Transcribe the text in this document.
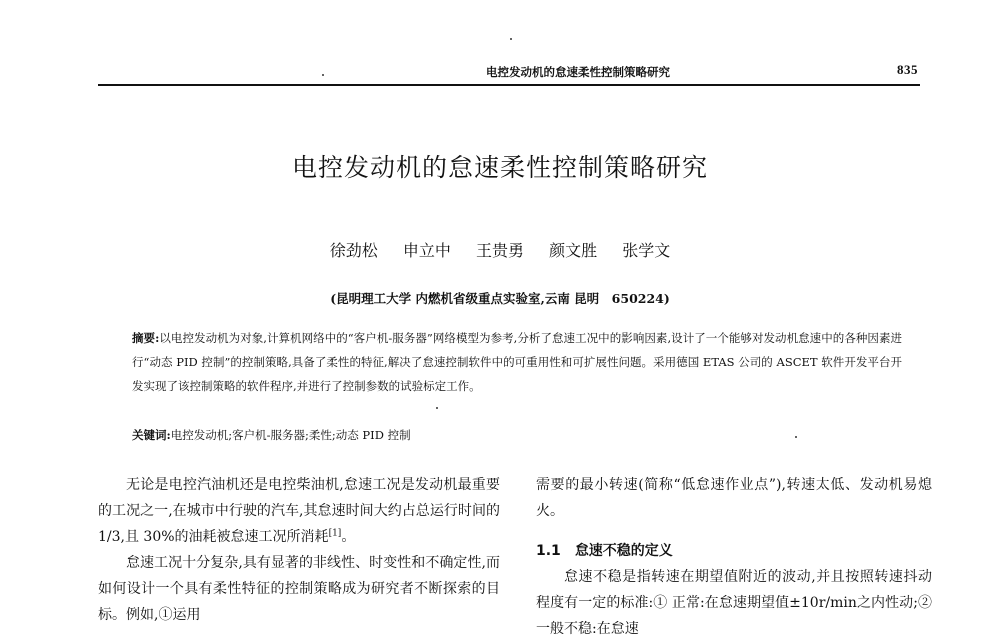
电控发动机的怠速柔性控制策略研究	835
电控发动机的怠速柔性控制策略研究
徐劲松 申立中 王贵勇 颜文胜 张学文
(昆明理工大学 内燃机省级重点实验室,云南 昆明　650224)
摘要:以电控发动机为对象,计算机网络中的“客户机-服务器”网络模型为参考,分析了怠速工况中的影响因素,设计了一个能够对发动机怠速中的各种因素进行“动态 PID 控制”的控制策略,具备了柔性的特征,解决了怠速控制软件中的可重用性和可扩展性问题。采用德国 ETAS 公司的 ASCET 软件开发平台开发实现了该控制策略的软件程序,并进行了控制参数的试验标定工作。
关键词:电控发动机;客户机-服务器;柔性;动态 PID 控制

无论是电控汽油机还是电控柴油机,怠速工况是发动机最重要的工况之一,在城市中行驶的汽车,其怠速时间大约占总运行时间的 1/3,且 30%的油耗被怠速工况所消耗[1]。

怠速工况十分复杂,具有显著的非线性、时变性和不确定性,而如何设计一个具有柔性特征的控制策略成为研究者不断探索的目标。例如,①运用

需要的最小转速(简称“低怠速作业点”),转速太低、发动机易熄火。

1.1 怠速不稳的定义

怠速不稳是指转速在期望值附近的波动,并且按照转速抖动程度有一定的标准:① 正常:在怠速期望值±10r/min之内性动;② 一般不稳:在怠速
